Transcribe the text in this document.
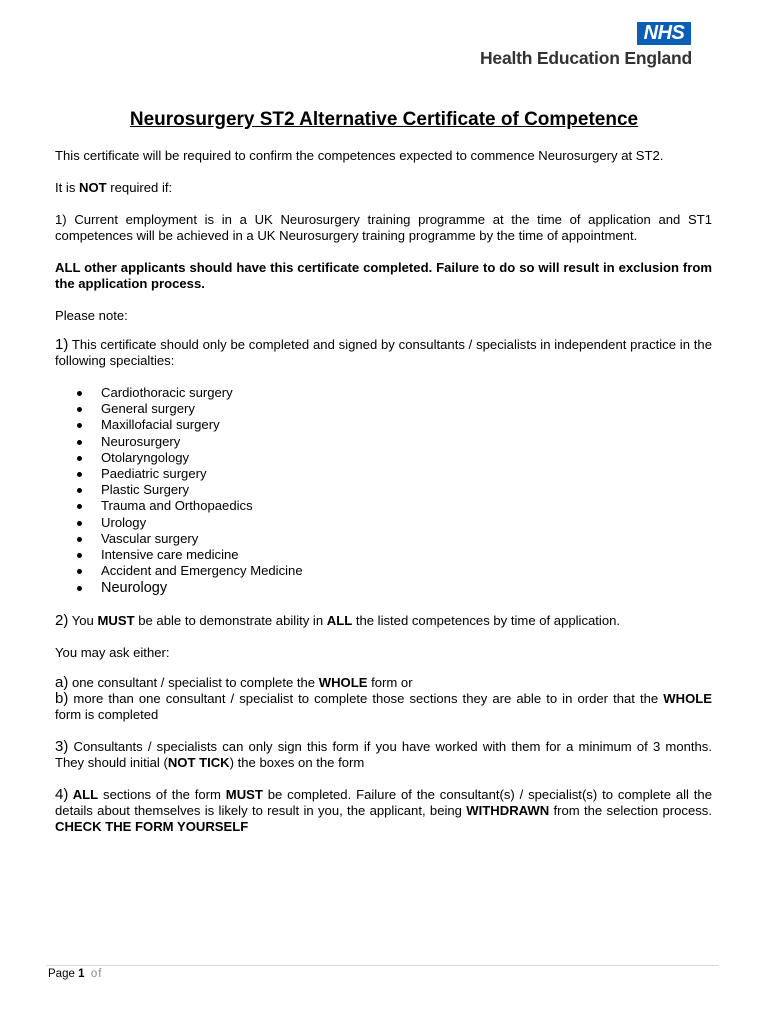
NHS
Health Education England
Neurosurgery ST2 Alternative Certificate of Competence

This certificate will be required to confirm the competences expected to commence Neurosurgery at ST2.

It is NOT required if:

1) Current employment is in a UK Neurosurgery training programme at the time of application and ST1 competences will be achieved in a UK Neurosurgery training programme by the time of appointment.

ALL other applicants should have this certificate completed. Failure to do so will result in exclusion from the application process.

Please note:

1) This certificate should only be completed and signed by consultants / specialists in independent practice in the following specialties:

Cardiothoracic surgery
General surgery
Maxillofacial surgery
Neurosurgery
Otolaryngology
Paediatric surgery
Plastic Surgery
Trauma and Orthopaedics
Urology
Vascular surgery
Intensive care medicine
Accident and Emergency Medicine
Neurology

2) You MUST be able to demonstrate ability in ALL the listed competences by time of application.

You may ask either:

a) one consultant / specialist to complete the WHOLE form or

b) more than one consultant / specialist to complete those sections they are able to in order that the WHOLE form is completed

3) Consultants / specialists can only sign this form if you have worked with them for a minimum of 3 months. They should initial (NOT TICK) the boxes on the form

4) ALL sections of the form MUST be completed. Failure of the consultant(s) / specialist(s) to complete all the details about themselves is likely to result in you, the applicant, being WITHDRAWN from the selection process. CHECK THE FORM YOURSELF

Page 1 of
